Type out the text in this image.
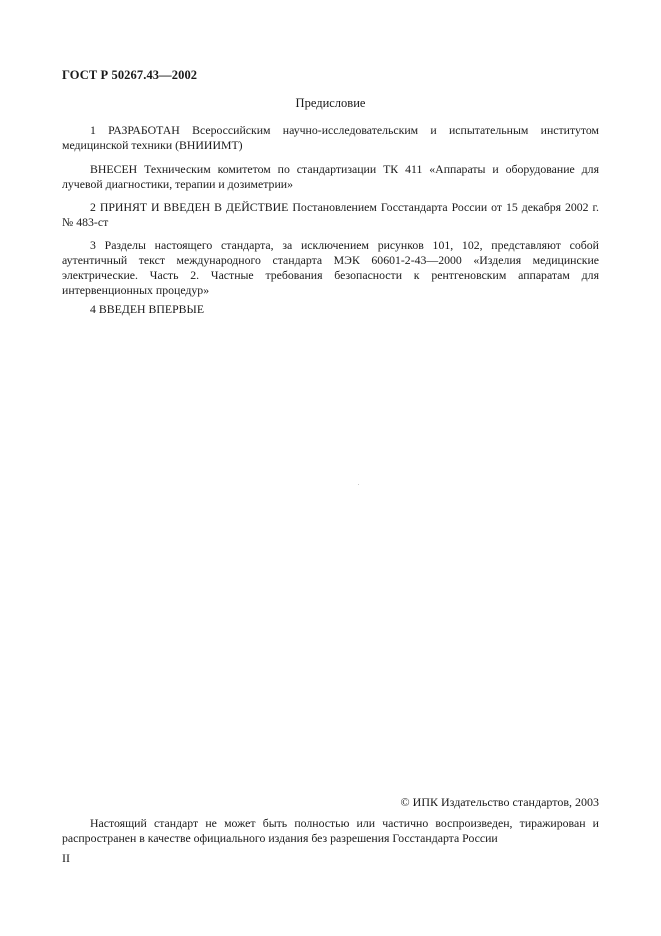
ГОСТ Р 50267.43—2002
Предисловие

1 РАЗРАБОТАН Всероссийским научно-исследовательским и испытательным институтом медицинской техники (ВНИИИМТ)

ВНЕСЕН Техническим комитетом по стандартизации ТК 411 «Аппараты и оборудование для лучевой диагностики, терапии и дозиметрии»

2 ПРИНЯТ И ВВЕДЕН В ДЕЙСТВИЕ Постановлением Госстандарта России от 15 декабря 2002 г. № 483-ст

3 Разделы настоящего стандарта, за исключением рисунков 101, 102, представляют собой аутентичный текст международного стандарта МЭК 60601-2-43—2000 «Изделия медицинские электрические. Часть 2. Частные требования безопасности к рентгеновским аппаратам для интервенционных процедур»

4 ВВЕДЕН ВПЕРВЫЕ

© ИПК Издательство стандартов, 2003

Настоящий стандарт не может быть полностью или частично воспроизведен, тиражирован и распространен в качестве официального издания без разрешения Госстандарта России

II
